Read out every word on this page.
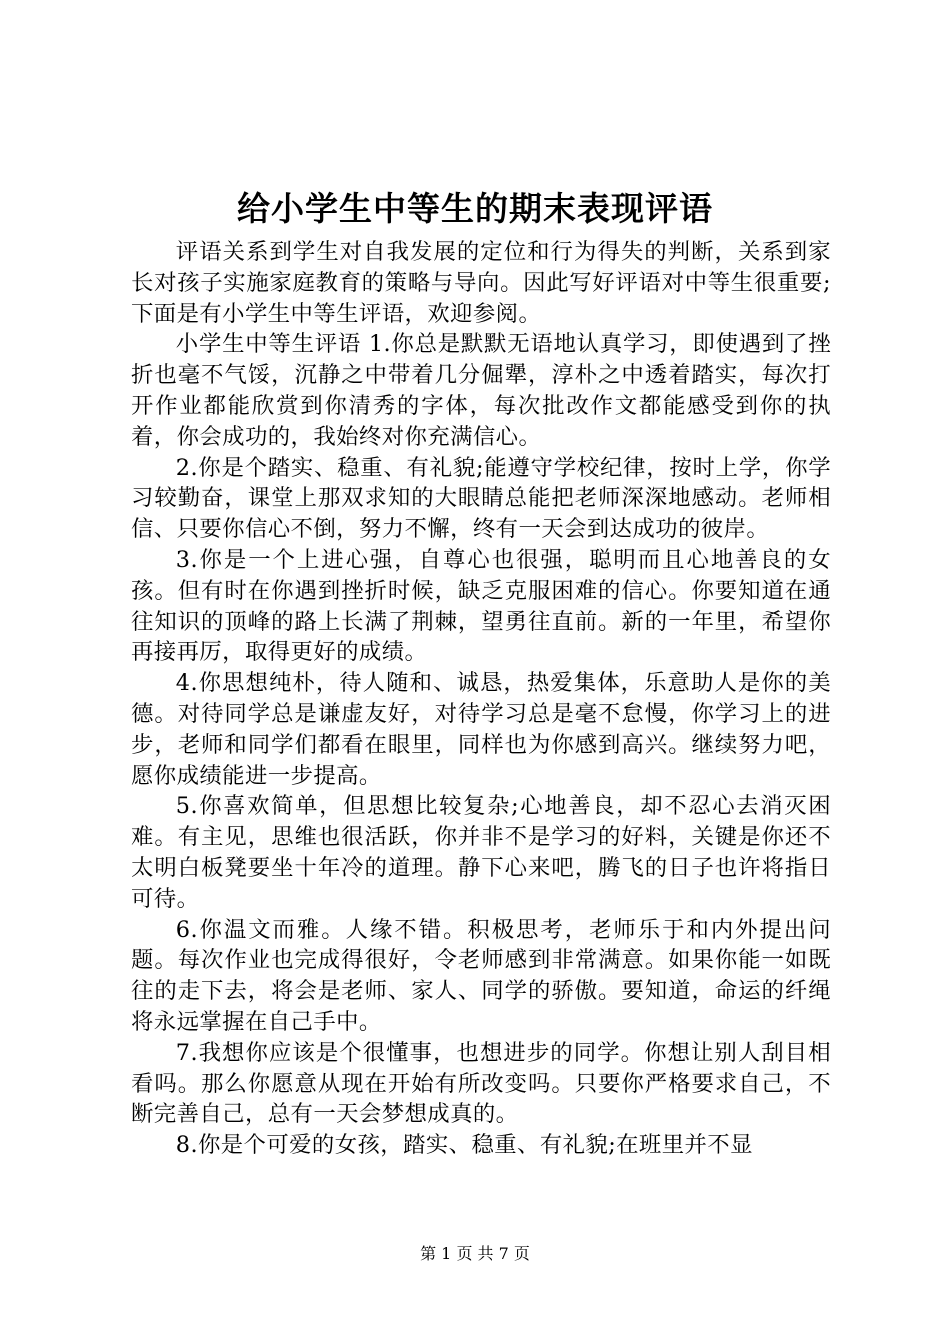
给小学生中等生的期末表现评语

评语关系到学生对自我发展的定位和行为得失的判断，关系到家长对孩子实施家庭教育的策略与导向。因此写好评语对中等生很重要;下面是有小学生中等生评语，欢迎参阅。

小学生中等生评语 1.你总是默默无语地认真学习，即使遇到了挫折也毫不气馁，沉静之中带着几分倔犟，淳朴之中透着踏实，每次打开作业都能欣赏到你清秀的字体，每次批改作文都能感受到你的执着，你会成功的，我始终对你充满信心。

2.你是个踏实、稳重、有礼貌;能遵守学校纪律，按时上学，你学习较勤奋，课堂上那双求知的大眼睛总能把老师深深地感动。老师相信、只要你信心不倒，努力不懈，终有一天会到达成功的彼岸。

3.你是一个上进心强，自尊心也很强，聪明而且心地善良的女孩。但有时在你遇到挫折时候，缺乏克服困难的信心。你要知道在通往知识的顶峰的路上长满了荆棘，望勇往直前。新的一年里，希望你再接再厉，取得更好的成绩。

4.你思想纯朴，待人随和、诚恳，热爱集体，乐意助人是你的美德。对待同学总是谦虚友好，对待学习总是毫不怠慢，你学习上的进步，老师和同学们都看在眼里，同样也为你感到高兴。继续努力吧，愿你成绩能进一步提高。

5.你喜欢简单，但思想比较复杂;心地善良，却不忍心去消灭困难。有主见，思维也很活跃，你并非不是学习的好料，关键是你还不太明白板凳要坐十年冷的道理。静下心来吧，腾飞的日子也许将指日可待。

6.你温文而雅。人缘不错。积极思考，老师乐于和内外提出问题。每次作业也完成得很好，令老师感到非常满意。如果你能一如既往的走下去，将会是老师、家人、同学的骄傲。要知道，命运的纤绳将永远掌握在自己手中。

7.我想你应该是个很懂事，也想进步的同学。你想让别人刮目相看吗。那么你愿意从现在开始有所改变吗。只要你严格要求自己，不断完善自己，总有一天会梦想成真的。

8.你是个可爱的女孩，踏实、稳重、有礼貌;在班里并不显

第 1 页 共 7 页
